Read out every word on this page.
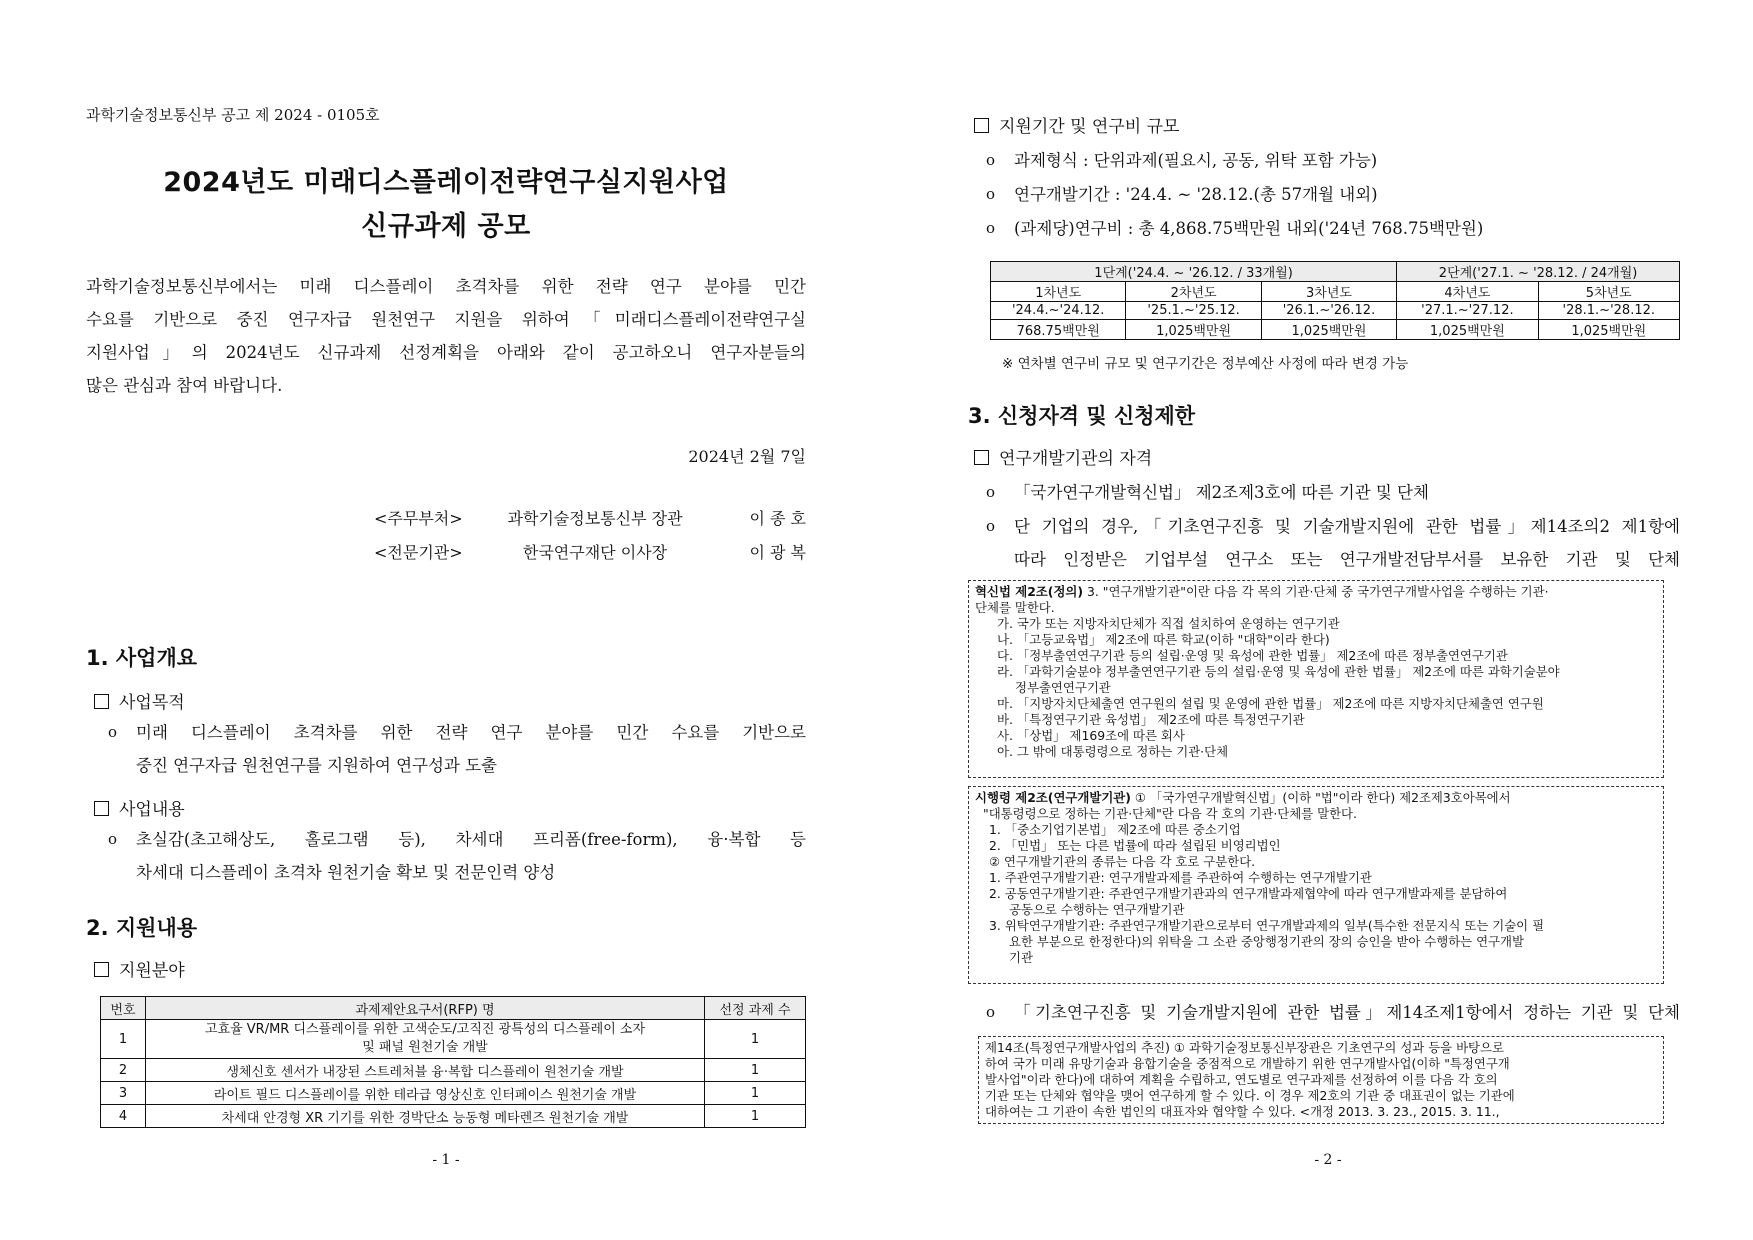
과학기술정보통신부 공고 제 2024 - 0105호
2024년도 미래디스플레이전략연구실지원사업
신규과제 공모
과학기술정보통신부에서는 미래 디스플레이 초격차를 위한 전략 연구 분야를 민간
수요를 기반으로 중진 연구자급 원천연구 지원을 위하여「미래디스플레이전략연구실
지원사업」의 2024년도 신규과제 선정계획을 아래와 같이 공고하오니 연구자분들의
많은 관심과 참여 바랍니다.
2024년 2월 7일
<주무부처>	과학기술정보통신부 장관	이 종 호
<전문기관>	한국연구재단 이사장	이 광 복
1. 사업개요
사업목적
o	미래 디스플레이 초격차를 위한 전략 연구 분야를 민간 수요를 기반으로
중진 연구자급 원천연구를 지원하여 연구성과 도출
사업내용
o	초실감(초고해상도, 홀로그램 등), 차세대 프리폼(free-form), 융·복합 등
차세대 디스플레이 초격차 원천기술 확보 및 전문인력 양성
2. 지원내용
지원분야
번호	과제제안요구서(RFP) 명	선정 과제 수
1	고효율 VR/MR 디스플레이를 위한 고색순도/고직진 광특성의 디스플레이 소자
및 패널 원천기술 개발	1
2	생체신호 센서가 내장된 스트레처블 융·복합 디스플레이 원천기술 개발	1
3	라이트 필드 디스플레이를 위한 테라급 영상신호 인터페이스 원천기술 개발	1
4	차세대 안경형 XR 기기를 위한 경박단소 능동형 메타렌즈 원천기술 개발	1
- 1 -
지원기간 및 연구비 규모
o	과제형식 : 단위과제(필요시, 공동, 위탁 포함 가능)
o	연구개발기간 : '24.4. ~ '28.12.(총 57개월 내외)
o	(과제당)연구비 : 총 4,868.75백만원 내외('24년 768.75백만원)
1단계('24.4. ~ '26.12. / 33개월)			2단계('27.1. ~ '28.12. / 24개월)	
1차년도	2차년도	3차년도	4차년도	5차년도
'24.4.~'24.12.	'25.1.~'25.12.	'26.1.~'26.12.	'27.1.~'27.12.	'28.1.~'28.12.
768.75백만원	1,025백만원	1,025백만원	1,025백만원	1,025백만원
※ 연차별 연구비 규모 및 연구기간은 정부예산 사정에 따라 변경 가능
3. 신청자격 및 신청제한
연구개발기관의 자격
o	「국가연구개발혁신법」 제2조제3호에 따른 기관 및 단체
o	단 기업의 경우,「기초연구진흥 및 기술개발지원에 관한 법률」제14조의2 제1항에
따라 인정받은 기업부설 연구소 또는 연구개발전담부서를 보유한 기관 및 단체
혁신법 제2조(정의) 3. "연구개발기관"이란 다음 각 목의 기관·단체 중 국가연구개발사업을 수행하는 기관·
단체를 말한다.
가. 국가 또는 지방자치단체가 직접 설치하여 운영하는 연구기관
나. 「고등교육법」 제2조에 따른 학교(이하 "대학"이라 한다)
다. 「정부출연연구기관 등의 설립·운영 및 육성에 관한 법률」 제2조에 따른 정부출연연구기관
라. 「과학기술분야 정부출연연구기관 등의 설립·운영 및 육성에 관한 법률」 제2조에 따른 과학기술분야
정부출연연구기관
마. 「지방자치단체출연 연구원의 설립 및 운영에 관한 법률」 제2조에 따른 지방자치단체출연 연구원
바. 「특정연구기관 육성법」 제2조에 따른 특정연구기관
사. 「상법」 제169조에 따른 회사
아. 그 밖에 대통령령으로 정하는 기관·단체
시행령 제2조(연구개발기관) ① 「국가연구개발혁신법」(이하 "법"이라 한다) 제2조제3호아목에서
"대통령령으로 정하는 기관·단체"란 다음 각 호의 기관·단체를 말한다.
1. 「중소기업기본법」 제2조에 따른 중소기업
2. 「민법」 또는 다른 법률에 따라 설립된 비영리법인
② 연구개발기관의 종류는 다음 각 호로 구분한다.
1. 주관연구개발기관: 연구개발과제를 주관하여 수행하는 연구개발기관
2. 공동연구개발기관: 주관연구개발기관과의 연구개발과제협약에 따라 연구개발과제를 분담하여
공동으로 수행하는 연구개발기관
3. 위탁연구개발기관: 주관연구개발기관으로부터 연구개발과제의 일부(특수한 전문지식 또는 기술이 필
요한 부분으로 한정한다)의 위탁을 그 소관 중앙행정기관의 장의 승인을 받아 수행하는 연구개발
기관
o	「기초연구진흥 및 기술개발지원에 관한 법률」제14조제1항에서 정하는 기관 및 단체
제14조(특정연구개발사업의 추진) ① 과학기술정보통신부장관은 기초연구의 성과 등을 바탕으로
하여 국가 미래 유망기술과 융합기술을 중점적으로 개발하기 위한 연구개발사업(이하 "특정연구개
발사업"이라 한다)에 대하여 계획을 수립하고, 연도별로 연구과제를 선정하여 이를 다음 각 호의
기관 또는 단체와 협약을 맺어 연구하게 할 수 있다. 이 경우 제2호의 기관 중 대표권이 없는 기관에
대하여는 그 기관이 속한 법인의 대표자와 협약할 수 있다. <개정 2013. 3. 23., 2015. 3. 11.,
- 2 -
